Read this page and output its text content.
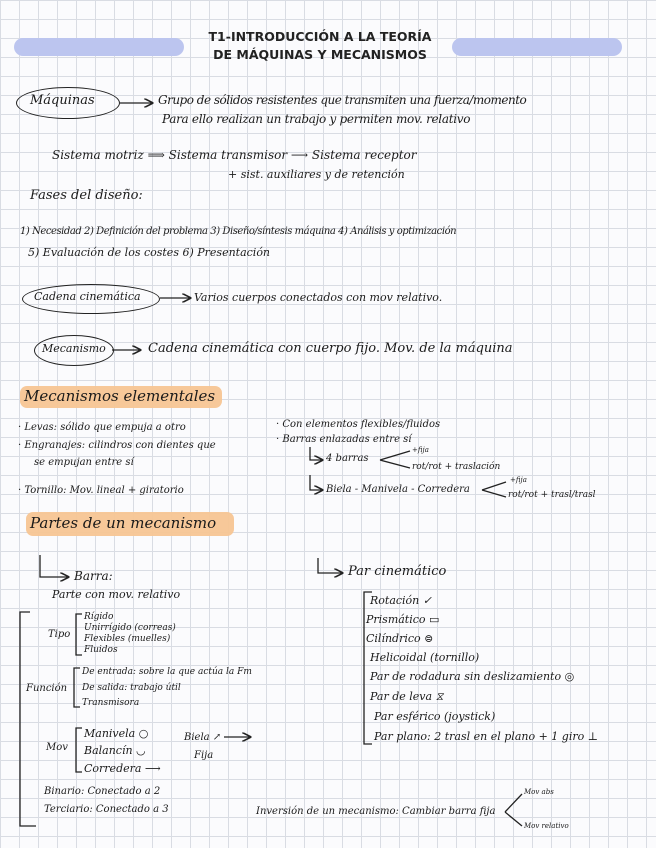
T1-INTRODUCCIÓN A LA TEORÍA
DE MÁQUINAS Y MECANISMOS
Máquinas	Grupo de sólidos resistentes que transmiten una fuerza/momento
Para ello realizan un trabajo y permiten mov. relativo
Sistema motriz ⟹ Sistema transmisor ⟶ Sistema receptor
+ sist. auxiliares y de retención
Fases del diseño:
1) Necesidad 2) Definición del problema 3) Diseño/síntesis máquina 4) Análisis y optimización
5) Evaluación de los costes 6) Presentación
Cadena cinemática	Varios cuerpos conectados con mov relativo.
Mecanismo	Cadena cinemática con cuerpo fijo. Mov. de la máquina
Mecanismos elementales
· Levas: sólido que empuja a otro
· Engranajes: cilindros con dientes que
se empujan entre sí
· Tornillo: Mov. lineal + giratorio
· Con elementos flexibles/fluidos
· Barras enlazadas entre sí
4 barras
+fija
rot/rot + traslación
Biela - Manivela - Corredera
+fija
rot/rot + trasl/trasl
Partes de un mecanismo
Barra:
Parte con mov. relativo
Tipo
Rígido
Unirrígido (correas)
Flexibles (muelles)
Fluidos
Función
De entrada: sobre la que actúa la Fm
De salida: trabajo útil
Transmisora
Mov
Manivela ○
Balancín ◡
Corredera ⟶
Biela ↗
Fija
Binario: Conectado a 2
Terciario: Conectado a 3
Par cinemático
Rotación ✓
Prismático ▭
Cilíndrico ⊜
Helicoidal (tornillo)
Par de rodadura sin deslizamiento ◎
Par de leva ⧖
Par esférico (joystick)
Par plano: 2 trasl en el plano + 1 giro ⊥
Inversión de un mecanismo: Cambiar barra fija
Mov abs
Mov relativo
